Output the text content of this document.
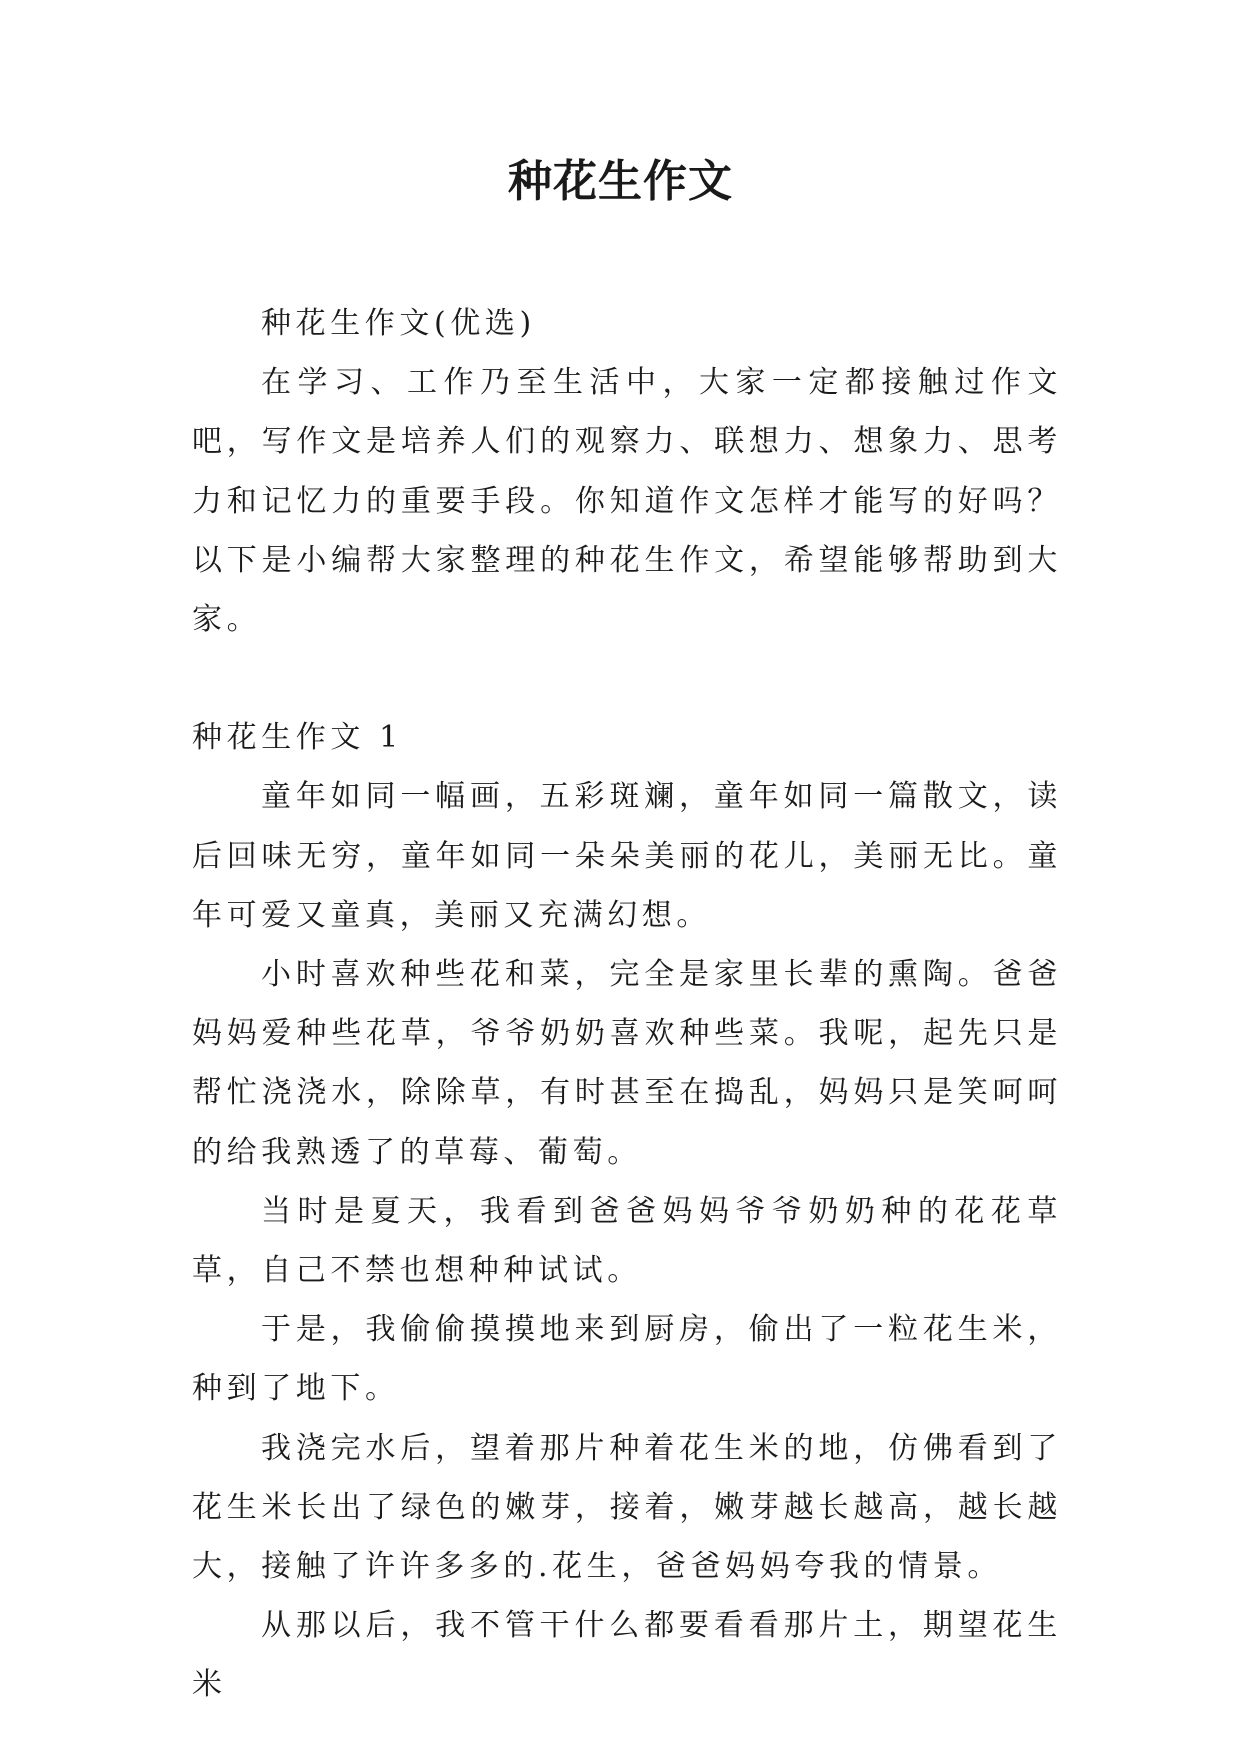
种花生作文

种花生作文(优选)

在学习、工作乃至生活中，大家一定都接触过作文吧，写作文是培养人们的观察力、联想力、想象力、思考力和记忆力的重要手段。你知道作文怎样才能写的好吗？以下是小编帮大家整理的种花生作文，希望能够帮助到大家。

种花生作文 1

童年如同一幅画，五彩斑斓，童年如同一篇散文，读后回味无穷，童年如同一朵朵美丽的花儿，美丽无比。童年可爱又童真，美丽又充满幻想。

小时喜欢种些花和菜，完全是家里长辈的熏陶。爸爸妈妈爱种些花草，爷爷奶奶喜欢种些菜。我呢，起先只是帮忙浇浇水，除除草，有时甚至在捣乱，妈妈只是笑呵呵的给我熟透了的草莓、葡萄。

当时是夏天，我看到爸爸妈妈爷爷奶奶种的花花草草，自己不禁也想种种试试。

于是，我偷偷摸摸地来到厨房，偷出了一粒花生米，种到了地下。

我浇完水后，望着那片种着花生米的地，仿佛看到了花生米长出了绿色的嫩芽，接着，嫩芽越长越高，越长越大，接触了许许多多的.花生，爸爸妈妈夸我的情景。

从那以后，我不管干什么都要看看那片土，期望花生米
